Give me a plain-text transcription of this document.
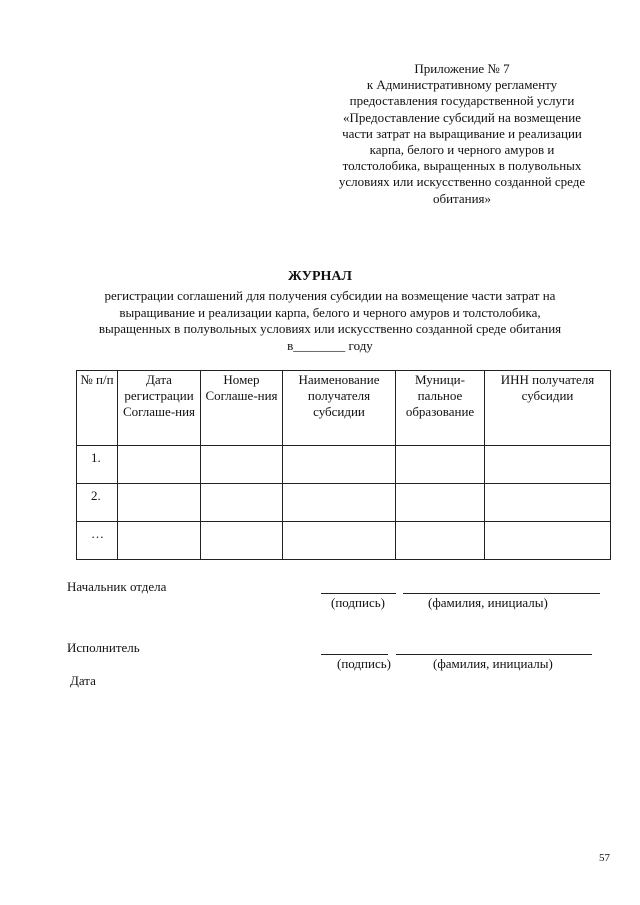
Приложение № 7
к Административному регламенту
предоставления государственной услуги
«Предоставление субсидий на возмещение
части затрат на выращивание и реализации
карпа, белого и черного амуров и
толстолобика, выращенных в полувольных
условиях или искусственно созданной среде
обитания»
ЖУРНАЛ
регистрации соглашений для получения субсидии на возмещение части затрат на
выращивание и реализации карпа, белого и черного амуров и толстолобика,
выращенных в полувольных условиях или искусственно созданной среде обитания
в________ году
№ п/п	Дата регистрации Соглаше-ния	Номер Соглаше-ния	Наименование получателя субсидии	Муници-пальное образование	ИНН получателя субсидии
1.					
2.					
…					
Начальник отдела
(подпись)	(фамилия, инициалы)
Исполнитель
(подпись)	(фамилия, инициалы)
Дата
57
